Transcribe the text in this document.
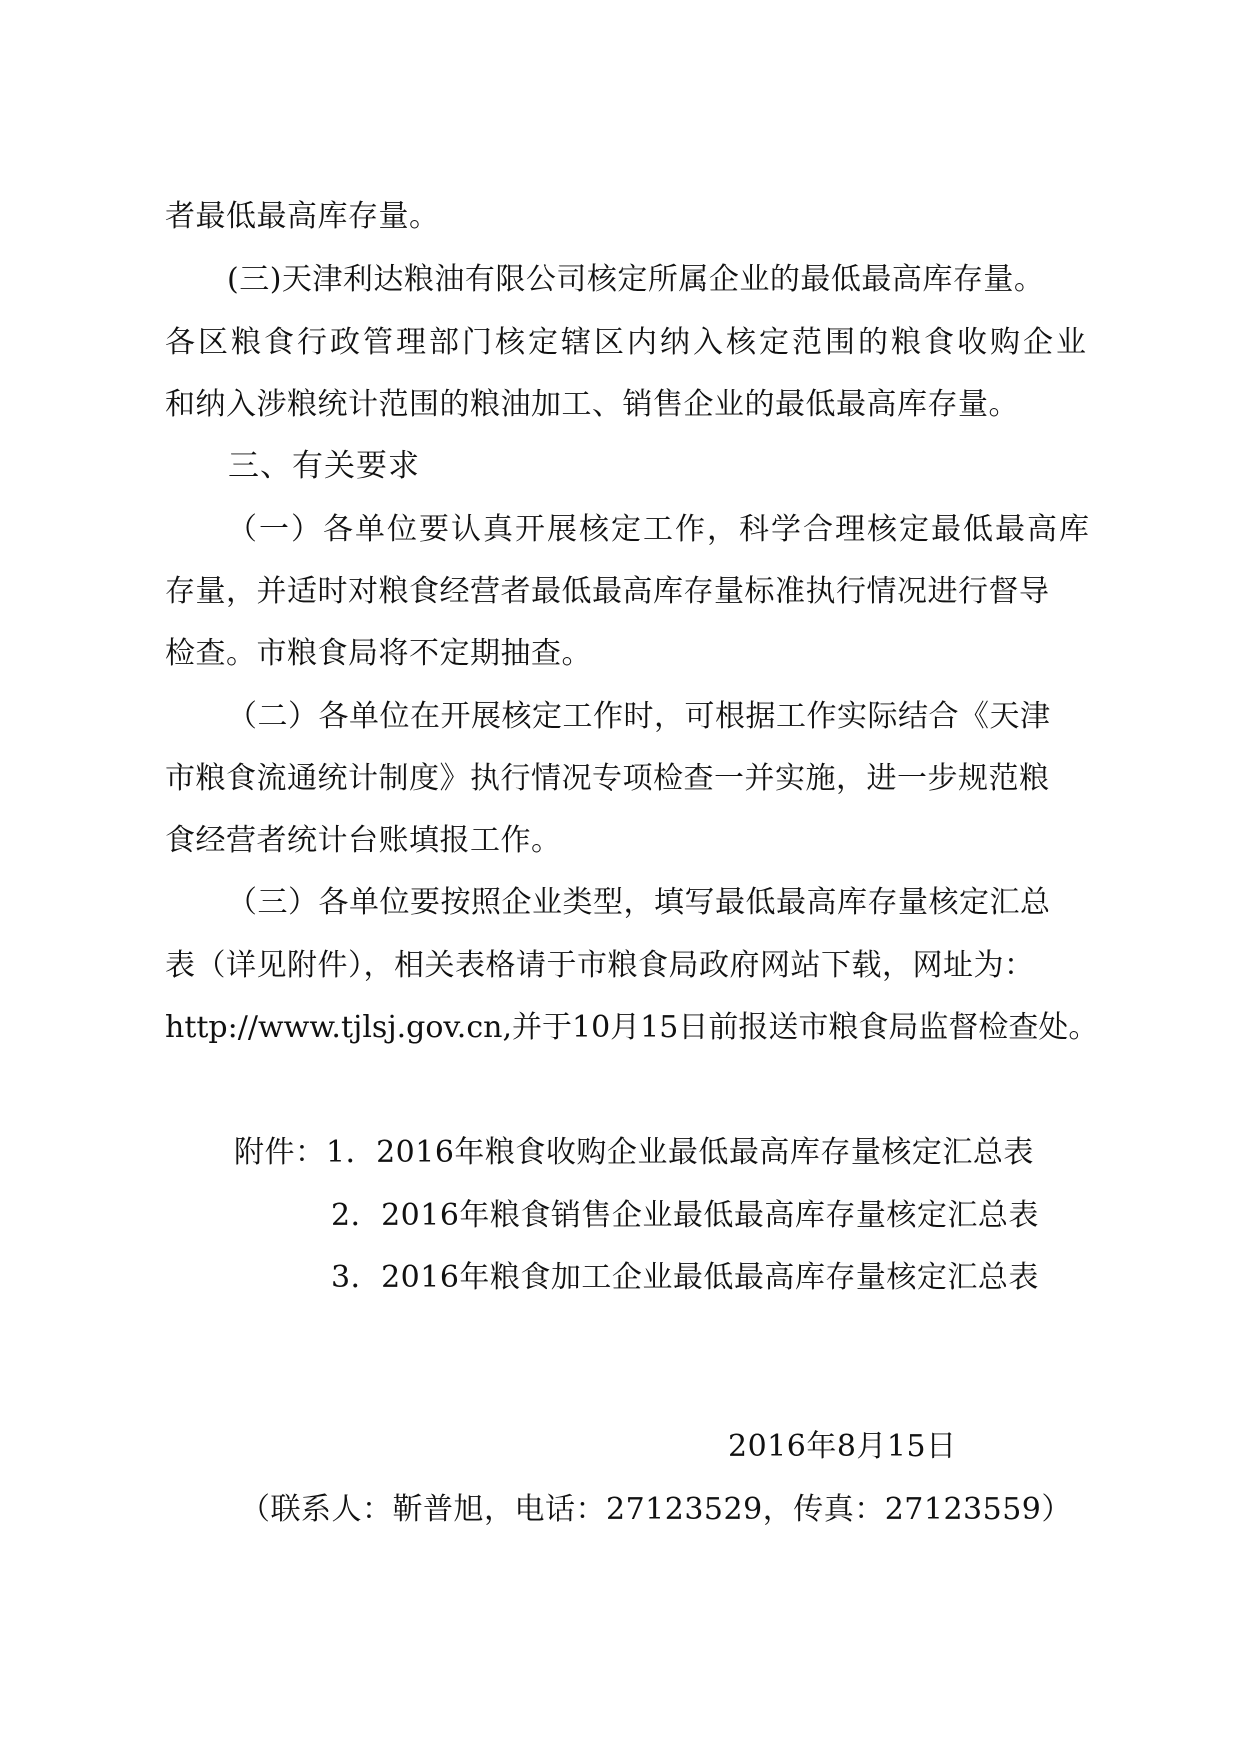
者最低最高库存量。
(三)天津利达粮油有限公司核定所属企业的最低最高库存量。
各区粮食行政管理部门核定辖区内纳入核定范围的粮食收购企业
和纳入涉粮统计范围的粮油加工、销售企业的最低最高库存量。
三、有关要求
（一）各单位要认真开展核定工作，科学合理核定最低最高库
存量，并适时对粮食经营者最低最高库存量标准执行情况进行督导
检查。市粮食局将不定期抽查。
（二）各单位在开展核定工作时，可根据工作实际结合《天津
市粮食流通统计制度》执行情况专项检查一并实施，进一步规范粮
食经营者统计台账填报工作。
（三）各单位要按照企业类型，填写最低最高库存量核定汇总
表（详见附件），相关表格请于市粮食局政府网站下载，网址为：
http://www.tjlsj.gov.cn,并于10月15日前报送市粮食局监督检查处。
附件： 1．2016年粮食收购企业最低最高库存量核定汇总表
2．2016年粮食销售企业最低最高库存量核定汇总表
3．2016年粮食加工企业最低最高库存量核定汇总表
2016年8月15日
（联系人：靳普旭，电话：27123529，传真：27123559）
